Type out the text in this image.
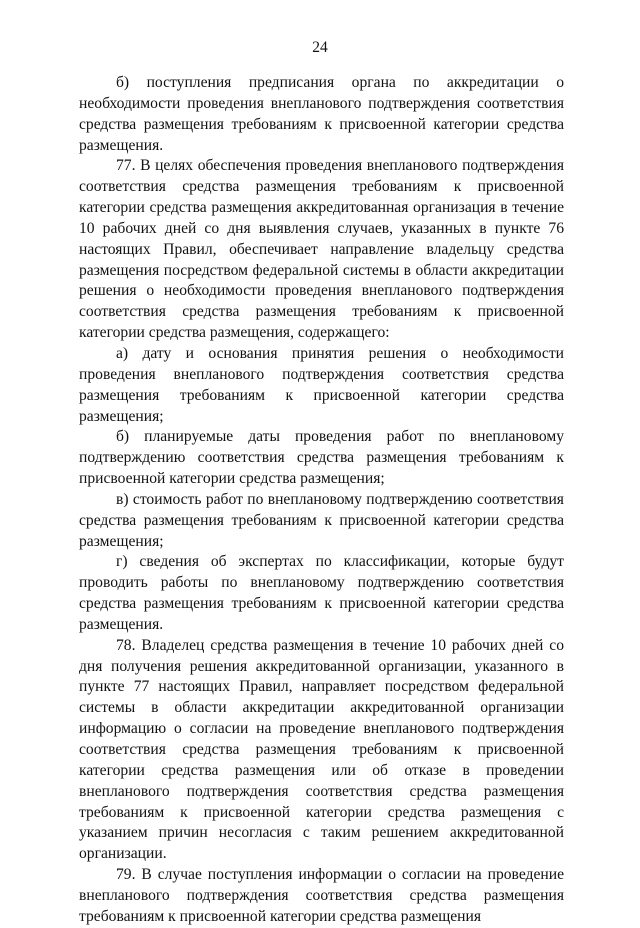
24

б) поступления предписания органа по аккредитации о необходимости проведения внепланового подтверждения соответствия средства размещения требованиям к присвоенной категории средства размещения.

77. В целях обеспечения проведения внепланового подтверждения соответствия средства размещения требованиям к присвоенной категории средства размещения аккредитованная организация в течение 10 рабочих дней со дня выявления случаев, указанных в пункте 76 настоящих Правил, обеспечивает направление владельцу средства размещения посредством федеральной системы в области аккредитации решения о необходимости проведения внепланового подтверждения соответствия средства размещения требованиям к присвоенной категории средства размещения, содержащего:

а) дату и основания принятия решения о необходимости проведения внепланового подтверждения соответствия средства размещения требованиям к присвоенной категории средства размещения;

б) планируемые даты проведения работ по внеплановому подтверждению соответствия средства размещения требованиям к присвоенной категории средства размещения;

в) стоимость работ по внеплановому подтверждению соответствия средства размещения требованиям к присвоенной категории средства размещения;

г) сведения об экспертах по классификации, которые будут проводить работы по внеплановому подтверждению соответствия средства размещения требованиям к присвоенной категории средства размещения.

78. Владелец средства размещения в течение 10 рабочих дней со дня получения решения аккредитованной организации, указанного в пункте 77 настоящих Правил, направляет посредством федеральной системы в области аккредитации аккредитованной организации информацию о согласии на проведение внепланового подтверждения соответствия средства размещения требованиям к присвоенной категории средства размещения или об отказе в проведении внепланового подтверждения соответствия средства размещения требованиям к присвоенной категории средства размещения с указанием причин несогласия с таким решением аккредитованной организации.

79. В случае поступления информации о согласии на проведение внепланового подтверждения соответствия средства размещения требованиям к присвоенной категории средства размещения
